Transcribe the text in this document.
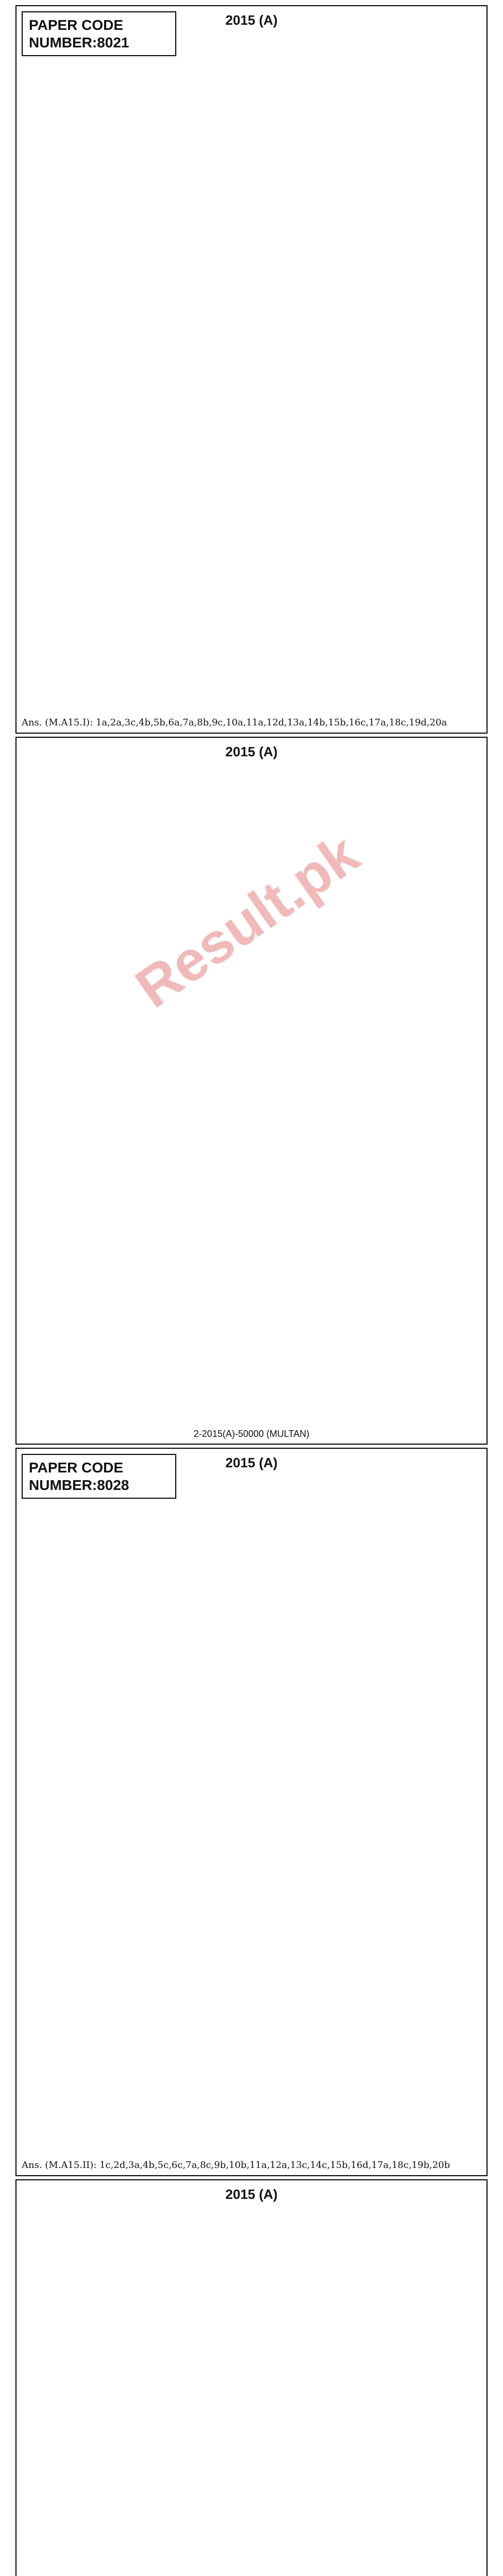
PAPER CODE
NUMBER:8021
2015 (A)
Ans. (M.A15.I): 1a,2a,3c,4b,5b,6a,7a,8b,9c,10a,11a,12d,13a,14b,15b,16c,17a,18c,19d,20a
2015 (A)
2-2015(A)-50000 (MULTAN)
PAPER CODE
NUMBER:8028
2015 (A)
Ans. (M.A15.II): 1c,2d,3a,4b,5c,6c,7a,8c,9b,10b,11a,12a,13c,14c,15b,16d,17a,18c,19b,20b
2015 (A)
Result.pk
